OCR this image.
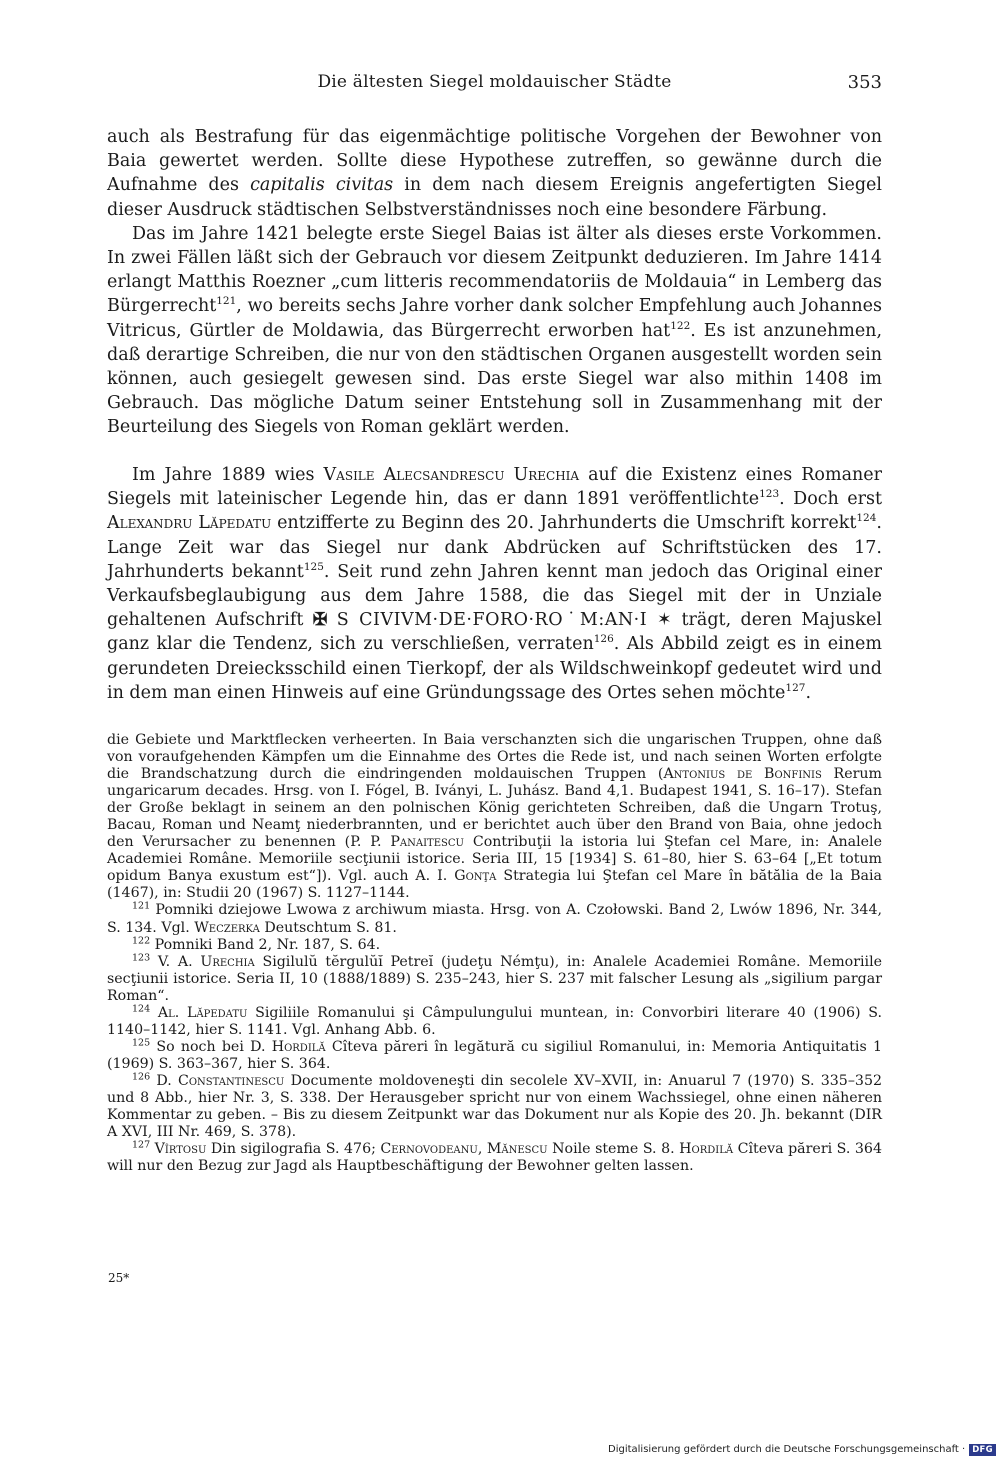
Die ältesten Siegel moldauischer Städte	353

auch als Bestrafung für das eigenmächtige politische Vorgehen der Bewohner von Baia gewertet werden. Sollte diese Hypothese zutreffen, so gewänne durch die Aufnahme des capitalis civitas in dem nach diesem Ereignis angefertigten Siegel dieser Ausdruck städtischen Selbstverständnisses noch eine besondere Färbung.

Das im Jahre 1421 belegte erste Siegel Baias ist älter als dieses erste Vorkommen. In zwei Fällen läßt sich der Gebrauch vor diesem Zeitpunkt deduzieren. Im Jahre 1414 erlangt Matthis Roezner „cum litteris recommendatoriis de Moldauia“ in Lemberg das Bürgerrecht$^{121}$, wo bereits sechs Jahre vorher dank solcher Empfehlung auch Johannes Vitricus, Gürtler de Moldawia, das Bürgerrecht erworben hat$^{122}$. Es ist anzunehmen, daß derartige Schreiben, die nur von den städtischen Organen ausgestellt worden sein können, auch gesiegelt gewesen sind. Das erste Siegel war also mithin 1408 im Gebrauch. Das mögliche Datum seiner Entstehung soll in Zusammenhang mit der Beurteilung des Siegels von Roman geklärt werden.

Im Jahre 1889 wies Vasile Alecsandrescu Urechia auf die Existenz eines Romaner Siegels mit lateinischer Legende hin, das er dann 1891 veröffentlichte$^{123}$. Doch erst Alexandru Lăpedatu entzifferte zu Beginn des 20. Jahrhunderts die Umschrift korrekt$^{124}$. Lange Zeit war das Siegel nur dank Abdrücken auf Schriftstücken des 17. Jahrhunderts bekannt$^{125}$. Seit rund zehn Jahren kennt man jedoch das Original einer Verkaufsbeglaubigung aus dem Jahre 1588, die das Siegel mit der in Unziale gehaltenen Aufschrift ✠ S CIVIVM·DE·FORO·RO˙M:AN·I ✶ trägt, deren Majuskel ganz klar die Tendenz, sich zu verschließen, verraten$^{126}$. Als Abbild zeigt es in einem gerundeten Dreiecksschild einen Tierkopf, der als Wildschweinkopf gedeutet wird und in dem man einen Hinweis auf eine Gründungssage des Ortes sehen möchte$^{127}$.

die Gebiete und Marktflecken verheerten. In Baia verschanzten sich die ungarischen Truppen, ohne daß von voraufgehenden Kämpfen um die Einnahme des Ortes die Rede ist, und nach seinen Worten erfolgte die Brandschatzung durch die eindringenden moldauischen Truppen (Antonius de Bonfinis Rerum ungaricarum decades. Hrsg. von I. Fógel, B. Iványi, L. Juhász. Band 4,1. Budapest 1941, S. 16–17). Stefan der Große beklagt in seinem an den polnischen König gerichteten Schreiben, daß die Ungarn Trotuş, Bacau, Roman und Neamţ niederbrannten, und er berichtet auch über den Brand von Baia, ohne jedoch den Verursacher zu benennen (P. P. Panaitescu Contribuţii la istoria lui Ştefan cel Mare, in: Analele Academiei Române. Memoriile secţiunii istorice. Seria III, 15 [1934] S. 61–80, hier S. 63–64 [„Et totum opidum Banya exustum est“]). Vgl. auch A. I. Gonţa Strategia lui Ştefan cel Mare în bătălia de la Baia (1467), in: Studii 20 (1967) S. 1127–1144.

$^{121}$ Pomniki dziejowe Lwowa z archiwum miasta. Hrsg. von A. Czołowski. Band 2, Lwów 1896, Nr. 344, S. 134. Vgl. Weczerka Deutschtum S. 81.

$^{122}$ Pomniki Band 2, Nr. 187, S. 64.

$^{123}$ V. A. Urechia Sigilulŭ tĕrgulŭĭ Petreĭ (judeţu Némţu), in: Analele Academiei Române. Memoriile secţiunii istorice. Seria II, 10 (1888/1889) S. 235–243, hier S. 237 mit falscher Lesung als „sigilium pargar Roman“.

$^{124}$ Al. Lăpedatu Sigiliile Romanului şi Câmpulungului muntean, in: Convorbiri literare 40 (1906) S. 1140–1142, hier S. 1141. Vgl. Anhang Abb. 6.

$^{125}$ So noch bei D. Hordilă Cîteva păreri în legătură cu sigiliul Romanului, in: Memoria Antiquitatis 1 (1969) S. 363–367, hier S. 364.

$^{126}$ D. Constantinescu Documente moldoveneşti din secolele XV–XVII, in: Anuarul 7 (1970) S. 335–352 und 8 Abb., hier Nr. 3, S. 338. Der Herausgeber spricht nur von einem Wachssiegel, ohne einen näheren Kommentar zu geben. – Bis zu diesem Zeitpunkt war das Dokument nur als Kopie des 20. Jh. bekannt (DIR A XVI, III Nr. 469, S. 378).

$^{127}$ Vîrtosu Din sigilografia S. 476; Cernovodeanu, Mănescu Noile steme S. 8. Hordilă Cîteva păreri S. 364 will nur den Bezug zur Jagd als Hauptbeschäftigung der Bewohner gelten lassen.

25*
Digitalisierung gefördert durch die Deutsche Forschungsgemeinschaft · DFG
